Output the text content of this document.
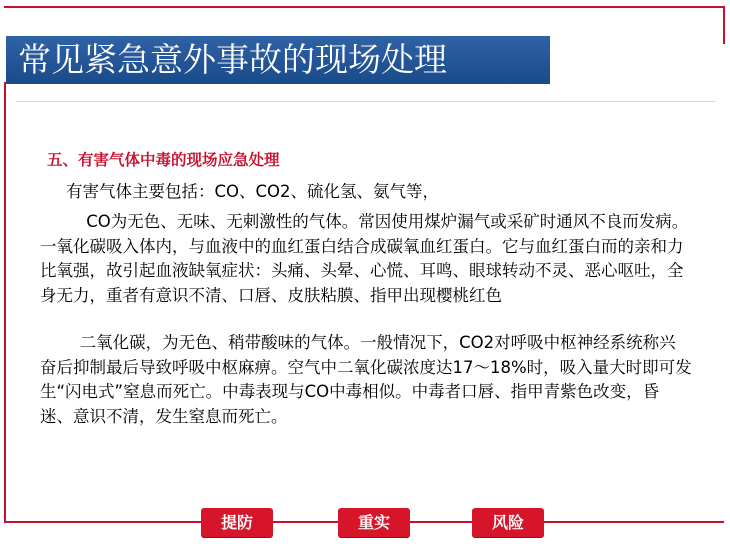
常见紧急意外事故的现场处理
五、有害气体中毒的现场应急处理
有害气体主要包括：CO、CO2、硫化氢、氨气等，

CO为无色、无味、无刺激性的气体。常因使用煤炉漏气或采矿时通风不良而发病。一氧化碳吸入体内，与血液中的血红蛋白结合成碳氧血红蛋白。它与血红蛋白而的亲和力比氧强，故引起血液缺氧症状：头痛、头晕、心慌、耳鸣、眼球转动不灵、恶心呕吐，全身无力，重者有意识不清、口唇、皮肤粘膜、指甲出现樱桃红色

二氧化碳，为无色、稍带酸味的气体。一般情况下，CO2对呼吸中枢神经系统称兴奋后抑制最后导致呼吸中枢麻痹。空气中二氧化碳浓度达17～18%时，吸入量大时即可发生“闪电式”窒息而死亡。中毒表现与CO中毒相似。中毒者口唇、指甲青紫色改变，昏迷、意识不清，发生窒息而死亡。

提防	重实	风险
